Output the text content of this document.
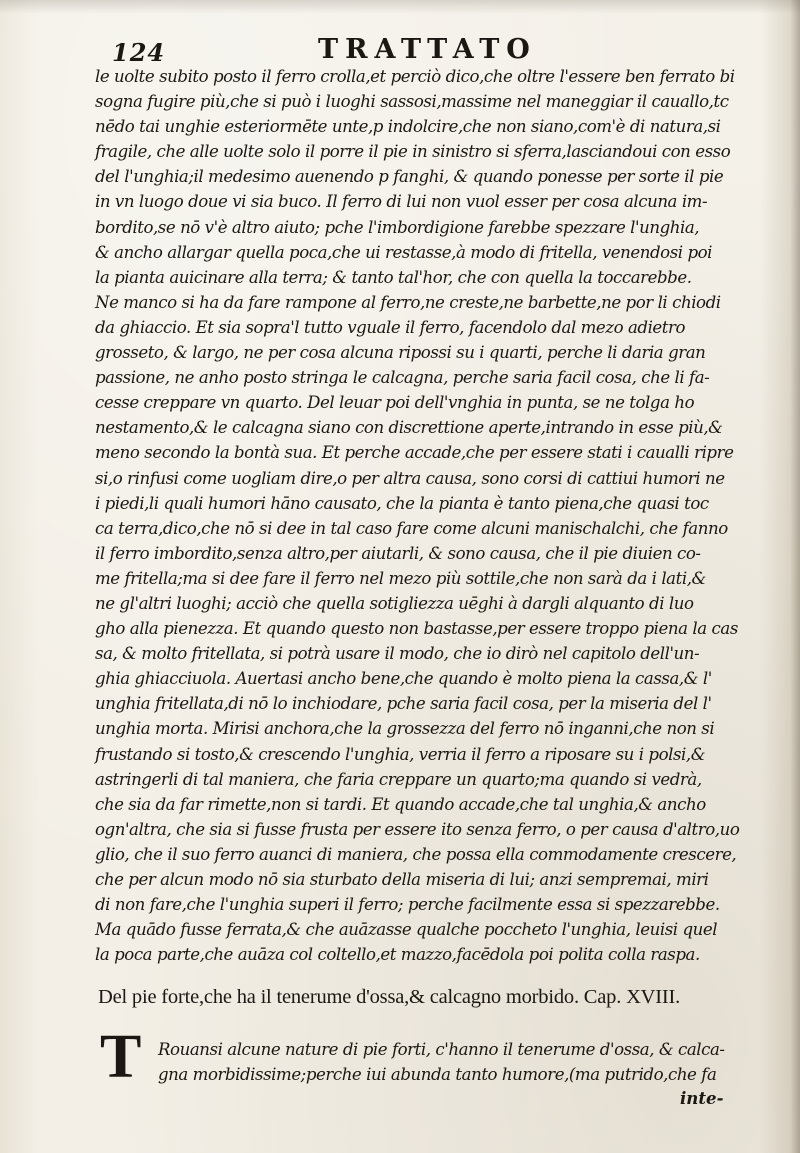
124	TRATTATO
le uolte subito posto il ferro crolla,et perciò dico,che oltre l'essere ben ferrato bi
sogna fugire più,che si può i luoghi sassosi,massime nel maneggiar il cauallo,tc
nēdo tai unghie esteriormēte unte,p indolcire,che non siano,com'è di natura,si
fragile, che alle uolte solo il porre il pie in sinistro si sferra,lasciandoui con esso
del l'unghia;il medesimo auenendo p fanghi, & quando ponesse per sorte il pie
in vn luogo doue vi sia buco. Il ferro di lui non vuol esser per cosa alcuna im-
bordito,se nō v'è altro aiuto; pche l'imbordigione farebbe spezzare l'unghia,
& ancho allargar quella poca,che ui restasse,à modo di fritella, venendosi poi
la pianta auicinare alla terra; & tanto tal'hor, che con quella la toccarebbe.
Ne manco si ha da fare rampone al ferro,ne creste,ne barbette,ne por li chiodi
da ghiaccio. Et sia sopra'l tutto vguale il ferro, facendolo dal mezo adietro
grosseto, & largo, ne per cosa alcuna ripossi su i quarti, perche li daria gran
passione, ne anho posto stringa le calcagna, perche saria facil cosa, che li fa-
cesse creppare vn quarto. Del leuar poi dell'vnghia in punta, se ne tolga ho
nestamento,& le calcagna siano con discrettione aperte,intrando in esse più,&
meno secondo la bontà sua. Et perche accade,che per essere stati i caualli ripre
si,o rinfusi come uogliam dire,o per altra causa, sono corsi di cattiui humori ne
i piedi,li quali humori hāno causato, che la pianta è tanto piena,che quasi toc
ca terra,dico,che nō si dee in tal caso fare come alcuni manischalchi, che fanno
il ferro imbordito,senza altro,per aiutarli, & sono causa, che il pie diuien co-
me fritella;ma si dee fare il ferro nel mezo più sottile,che non sarà da i lati,&
ne gl'altri luoghi; acciò che quella sotigliezza uēghi à dargli alquanto di luo
gho alla pienezza. Et quando questo non bastasse,per essere troppo piena la cas
sa, & molto fritellata, si potrà usare il modo, che io dirò nel capitolo dell'un-
ghia ghiacciuola. Auertasi ancho bene,che quando è molto piena la cassa,& l'
unghia fritellata,di nō lo inchiodare, pche saria facil cosa, per la miseria del l'
unghia morta. Mirisi anchora,che la grossezza del ferro nō inganni,che non si
frustando si tosto,& crescendo l'unghia, verria il ferro a riposare su i polsi,&
astringerli di tal maniera, che faria creppare un quarto;ma quando si vedrà,
che sia da far rimette,non si tardi. Et quando accade,che tal unghia,& ancho
ogn'altra, che sia si fusse frusta per essere ito senza ferro, o per causa d'altro,uo
glio, che il suo ferro auanci di maniera, che possa ella commodamente crescere,
che per alcun modo nō sia sturbato della miseria di lui; anzi sempremai, miri
di non fare,che l'unghia superi il ferro; perche facilmente essa si spezzarebbe.
Ma quādo fusse ferrata,& che auāzasse qualche poccheto l'unghia, leuisi quel
la poca parte,che auāza col coltello,et mazzo,facēdola poi polita colla raspa.
Del pie forte,che ha il tenerume d'ossa,& calcagno morbido. Cap. XVIII.
T Rouansi alcune nature di pie forti, c'hanno il tenerume d'ossa, & calca-
gna morbidissime;perche iui abunda tanto humore,(ma putrido,che fa
inte-
